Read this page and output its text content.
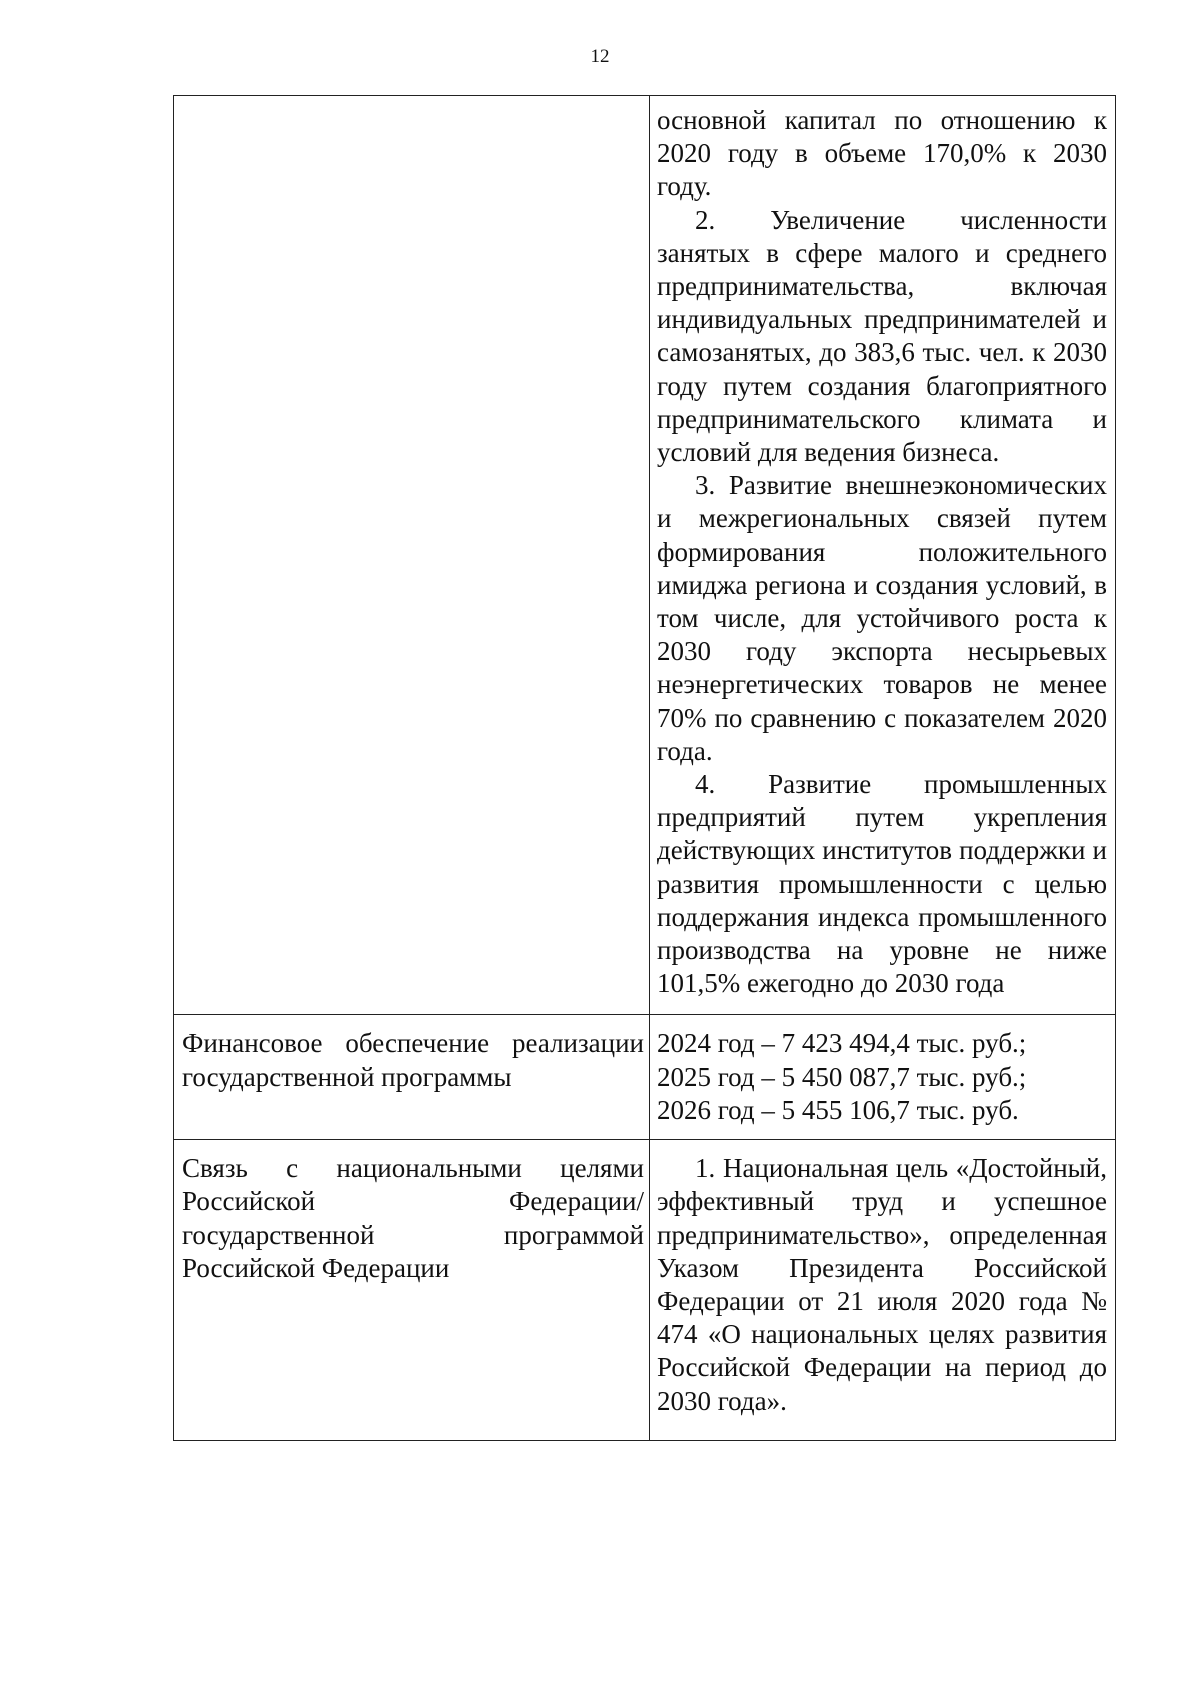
12

	основной капитал по отношению к 2020 году в объеме 170,0% к 2030 году.

2. Увеличение численности занятых в сфере малого и среднего предпринимательства, включая индивидуальных предпринимателей и самозанятых, до 383,6 тыс. чел. к 2030 году путем создания благоприятного предпринимательского климата и условий для ведения бизнеса.

3. Развитие внешнеэкономических и межрегиональных связей путем формирования положительного имиджа региона и создания условий, в том числе, для устойчивого роста к 2030 году экспорта несырьевых неэнергетических товаров не менее 70% по сравнению с показателем 2020 года.

4. Развитие промышленных предприятий путем укрепления действующих институтов поддержки и развития промышленности с целью поддержания индекса промышленного производства на уровне не ниже 101,5% ежегодно до 2030 года

Финансовое обеспечение реализации государственной программы	2024 год – 7 423 494,4 тыс. руб.;

2025 год – 5 450 087,7 тыс. руб.;

2026 год – 5 455 106,7 тыс. руб.

Связь с национальными целями Российской Федерации/государственной программой Российской Федерации	1. Национальная цель «Достойный, эффективный труд и успешное предпринимательство», определенная Указом Президента Российской Федерации от 21 июля 2020 года № 474 «О национальных целях развития Российской Федерации на период до 2030 года».
